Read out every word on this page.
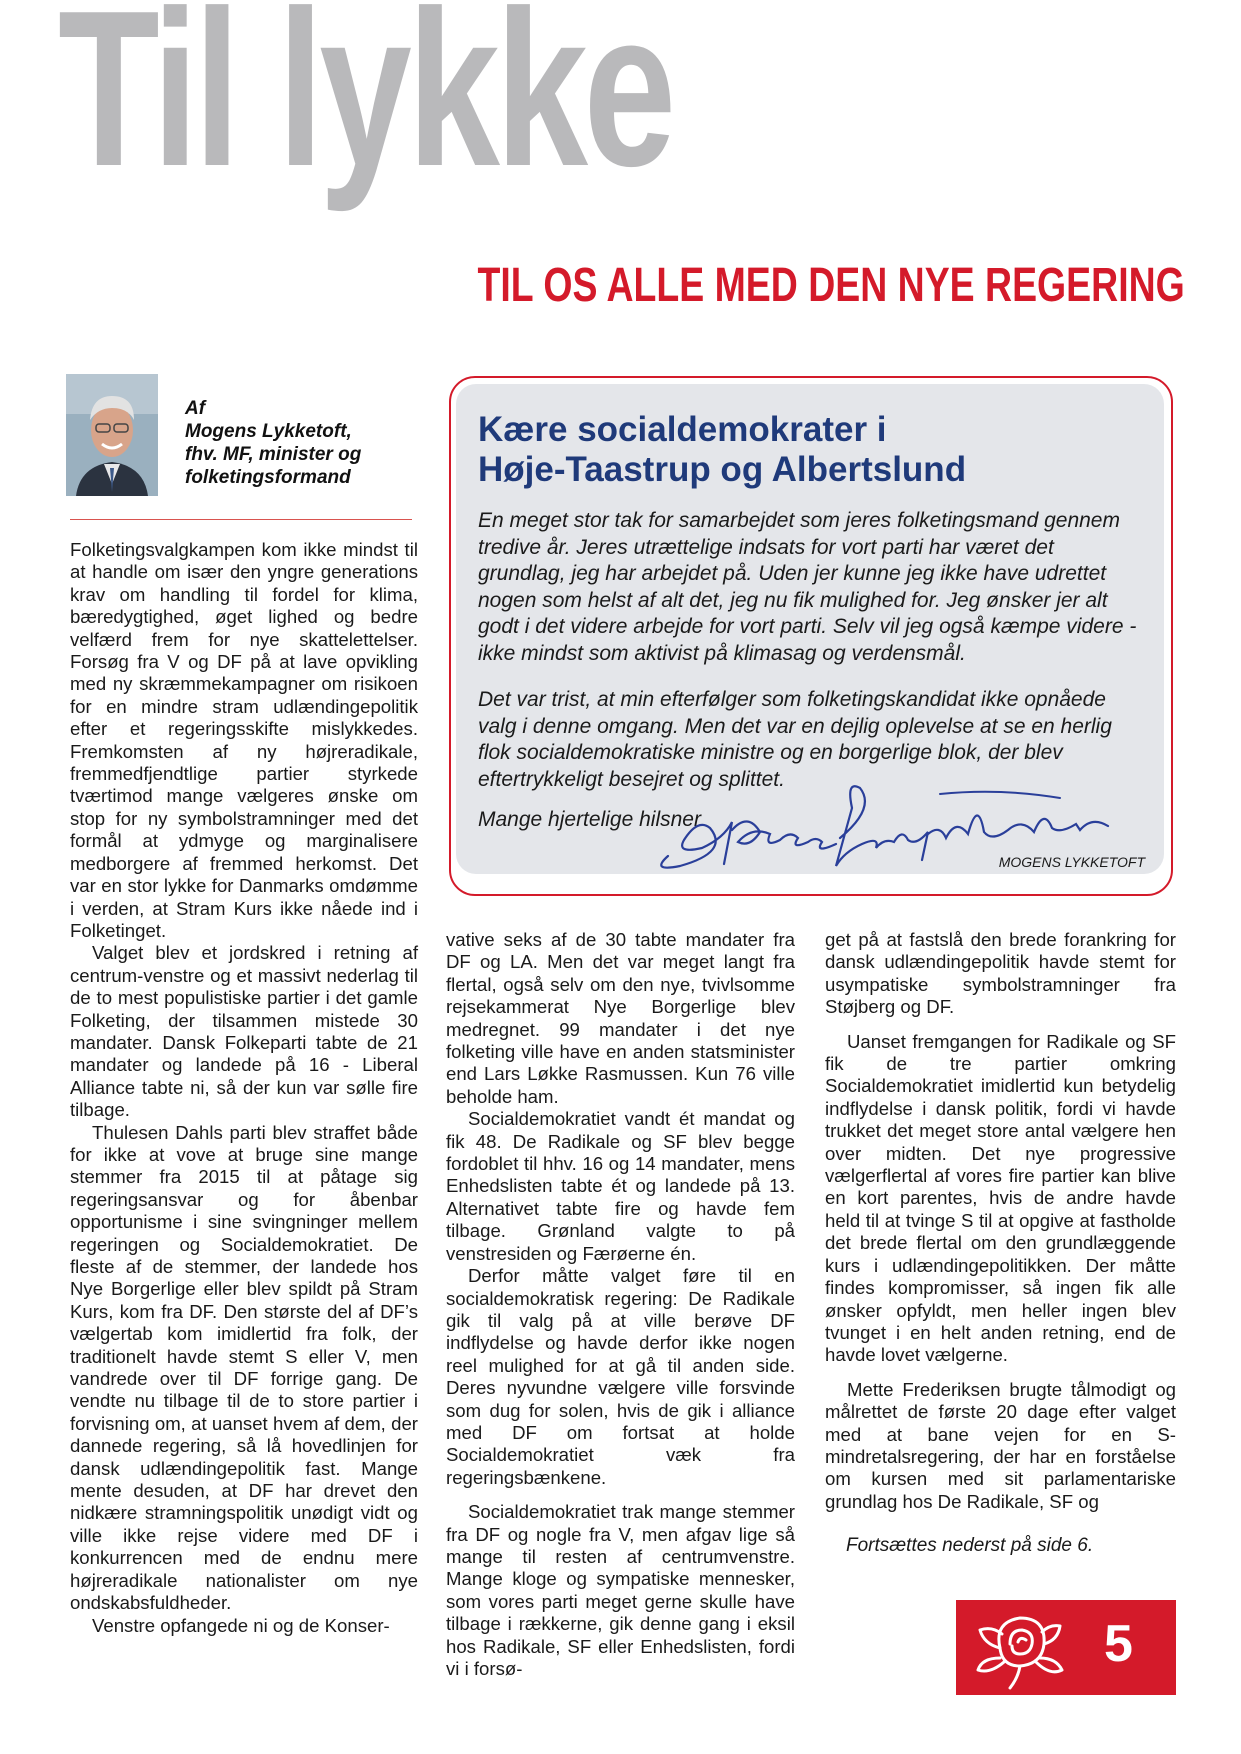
Til lykke
TIL OS ALLE MED DEN NYE REGERING
Af
Mogens Lykketoft,
fhv. MF, minister og
folketingsformand
Kære socialdemokrater i
Høje-Taastrup og Albertslund

En meget stor tak for samarbejdet som jeres folketingsmand gennem tredive år. Jeres utrættelige indsats for vort parti har været det grundlag, jeg har arbejdet på. Uden jer kunne jeg ikke have udrettet nogen som helst af alt det, jeg nu fik mulighed for. Jeg ønsker jer alt godt i det videre arbejde for vort parti. Selv vil jeg også kæmpe videre - ikke mindst som aktivist på klimasag og verdensmål.

Det var trist, at min efterfølger som folketingskandidat ikke opnåede valg i denne omgang. Men det var en dejlig oplevelse at se en herlig flok socialdemokratiske ministre og en borgerlige blok, der blev eftertrykkeligt besejret og splittet.

Mange hjertelige hilsner
MOGENS LYKKETOFT

Folketingsvalgkampen kom ikke mindst til at handle om især den yngre generations krav om handling til fordel for klima, bæredygtighed, øget lighed og bedre velfærd frem for nye skattelettelser. Forsøg fra V og DF på at lave opvikling med ny skræmmekampagner om risikoen for en mindre stram udlændingepolitik efter et regeringsskifte mislykkedes. Fremkomsten af ny højreradikale, fremmedfjendtlige partier styrkede tværtimod mange vælgeres ønske om stop for ny symbolstramninger med det formål at ydmyge og marginalisere medborgere af fremmed herkomst. Det var en stor lykke for Danmarks omdømme i verden, at Stram Kurs ikke nåede ind i Folketinget.

Valget blev et jordskred i retning af centrum-venstre og et massivt nederlag til de to mest populistiske partier i det gamle Folketing, der tilsammen mistede 30 mandater. Dansk Folkeparti tabte de 21 mandater og landede på 16 - Liberal Alliance tabte ni, så der kun var sølle fire tilbage.

Thulesen Dahls parti blev straffet både for ikke at vove at bruge sine mange stemmer fra 2015 til at påtage sig regeringsansvar og for åbenbar opportunisme i sine svingninger mellem regeringen og Socialdemokratiet. De fleste af de stemmer, der landede hos Nye Borgerlige eller blev spildt på Stram Kurs, kom fra DF. Den største del af DF’s vælgertab kom imidlertid fra folk, der traditionelt havde stemt S eller V, men vandrede over til DF forrige gang. De vendte nu tilbage til de to store partier i forvisning om, at uanset hvem af dem, der dannede regering, så lå hovedlinjen for dansk udlændingepolitik fast. Mange mente desuden, at DF har drevet den nidkære stramningspolitik unødigt vidt og ville ikke rejse videre med DF i konkurrencen med de endnu mere højreradikale nationalister om nye ondskabsfuldheder.

Venstre opfangede ni og de Konser-

vative seks af de 30 tabte mandater fra DF og LA. Men det var meget langt fra flertal, også selv om den nye, tvivlsomme rejsekammerat Nye Borgerlige blev medregnet. 99 mandater i det nye folketing ville have en anden statsminister end Lars Løkke Rasmussen. Kun 76 ville beholde ham.

Socialdemokratiet vandt ét mandat og fik 48. De Radikale og SF blev begge fordoblet til hhv. 16 og 14 mandater, mens Enhedslisten tabte ét og landede på 13. Alternativet tabte fire og havde fem tilbage. Grønland valgte to på venstresiden og Færøerne én.

Derfor måtte valget føre til en socialdemokratisk regering: De Radikale gik til valg på at ville berøve DF indflydelse og havde derfor ikke nogen reel mulighed for at gå til anden side. Deres nyvundne vælgere ville forsvinde som dug for solen, hvis de gik i alliance med DF om fortsat at holde Socialdemokratiet væk fra regeringsbænkene.

Socialdemokratiet trak mange stemmer fra DF og nogle fra V, men afgav lige så mange til resten af centrumvenstre. Mange kloge og sympatiske mennesker, som vores parti meget gerne skulle have tilbage i rækkerne, gik denne gang i eksil hos Radikale, SF eller Enhedslisten, fordi vi i forsø-

get på at fastslå den brede forankring for dansk udlændingepolitik havde stemt for usympatiske symbolstramninger fra Støjberg og DF.

Uanset fremgangen for Radikale og SF fik de tre partier omkring Socialdemokratiet imidlertid kun betydelig indflydelse i dansk politik, fordi vi havde trukket det meget store antal vælgere hen over midten. Det nye progressive vælgerflertal af vores fire partier kan blive en kort parentes, hvis de andre havde held til at tvinge S til at opgive at fastholde det brede flertal om den grundlæggende kurs i udlændingepolitikken. Der måtte findes kompromisser, så ingen fik alle ønsker opfyldt, men heller ingen blev tvunget i en helt anden retning, end de havde lovet vælgerne.

Mette Frederiksen brugte tålmodigt og målrettet de første 20 dage efter valget med at bane vejen for en S-mindretalsregering, der har en forståelse om kursen med sit parlamentariske grundlag hos De Radikale, SF og

Fortsættes nederst på side 6.
5
